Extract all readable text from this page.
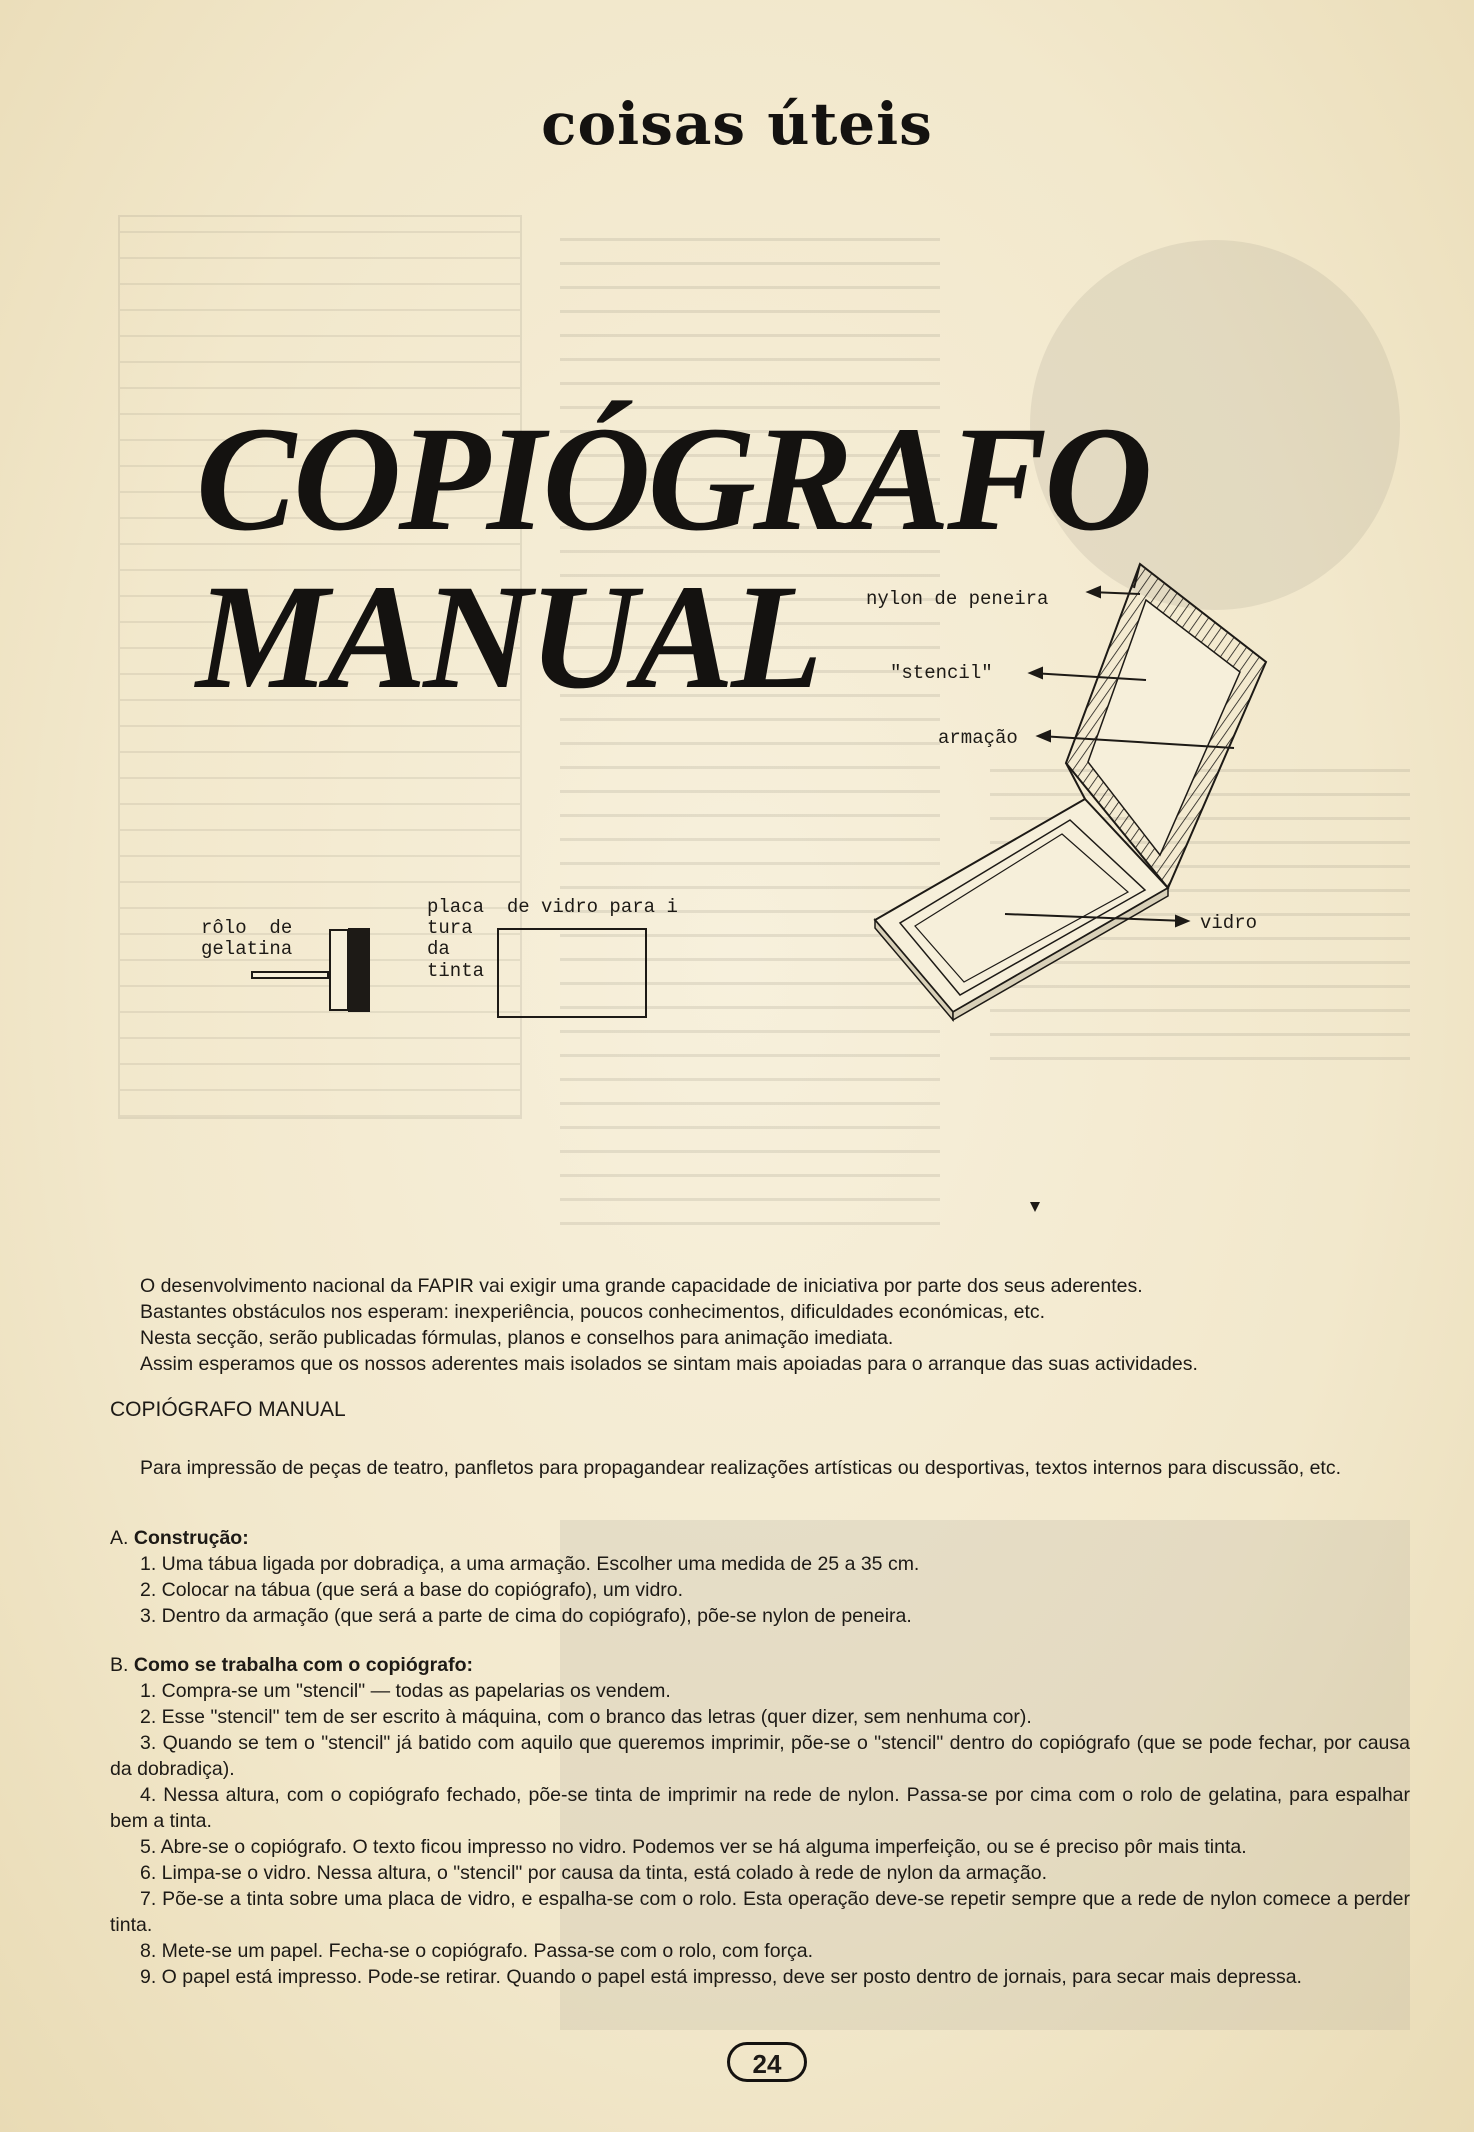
coisas úteis
COPIÓGRAFO
MANUAL	nylon de peneira
"stencil"
armação
vidro
rôlo  de
gelatina
placa  de vidro para i
tura
da
tinta

O desenvolvimento nacional da FAPIR vai exigir uma grande capacidade de iniciativa por parte dos seus aderentes.

Bastantes obstáculos nos esperam: inexperiência, poucos conhecimentos, dificuldades económicas, etc.

Nesta secção, serão publicadas fórmulas, planos e conselhos para animação imediata.

Assim esperamos que os nossos aderentes mais isolados se sintam mais apoiadas para o arranque das suas actividades.

COPIÓGRAFO MANUAL
Para impressão de peças de teatro, panfletos para propagandear realizações artísticas ou desportivas, textos internos para discussão, etc.

A. Construção:

1. Uma tábua ligada por dobradiça, a uma armação. Escolher uma medida de 25 a 35 cm.

2. Colocar na tábua (que será a base do copiógrafo), um vidro.

3. Dentro da armação (que será a parte de cima do copiógrafo), põe-se nylon de peneira.

B. Como se trabalha com o copiógrafo:

1. Compra-se um "stencil" — todas as papelarias os vendem.

2. Esse "stencil" tem de ser escrito à máquina, com o branco das letras (quer dizer, sem nenhuma cor).

3. Quando se tem o "stencil" já batido com aquilo que queremos imprimir, põe-se o "stencil" dentro do copiógrafo (que se pode fechar, por causa da dobradiça).

4. Nessa altura, com o copiógrafo fechado, põe-se tinta de imprimir na rede de nylon. Passa-se por cima com o rolo de gelatina, para espalhar bem a tinta.

5. Abre-se o copiógrafo. O texto ficou impresso no vidro. Podemos ver se há alguma imperfeição, ou se é preciso pôr mais tinta.

6. Limpa-se o vidro. Nessa altura, o "stencil" por causa da tinta, está colado à rede de nylon da armação.

7. Põe-se a tinta sobre uma placa de vidro, e espalha-se com o rolo. Esta operação deve-se repetir sempre que a rede de nylon comece a perder tinta.

8. Mete-se um papel. Fecha-se o copiógrafo. Passa-se com o rolo, com força.

9. O papel está impresso. Pode-se retirar. Quando o papel está impresso, deve ser posto dentro de jornais, para secar mais depressa.

24
